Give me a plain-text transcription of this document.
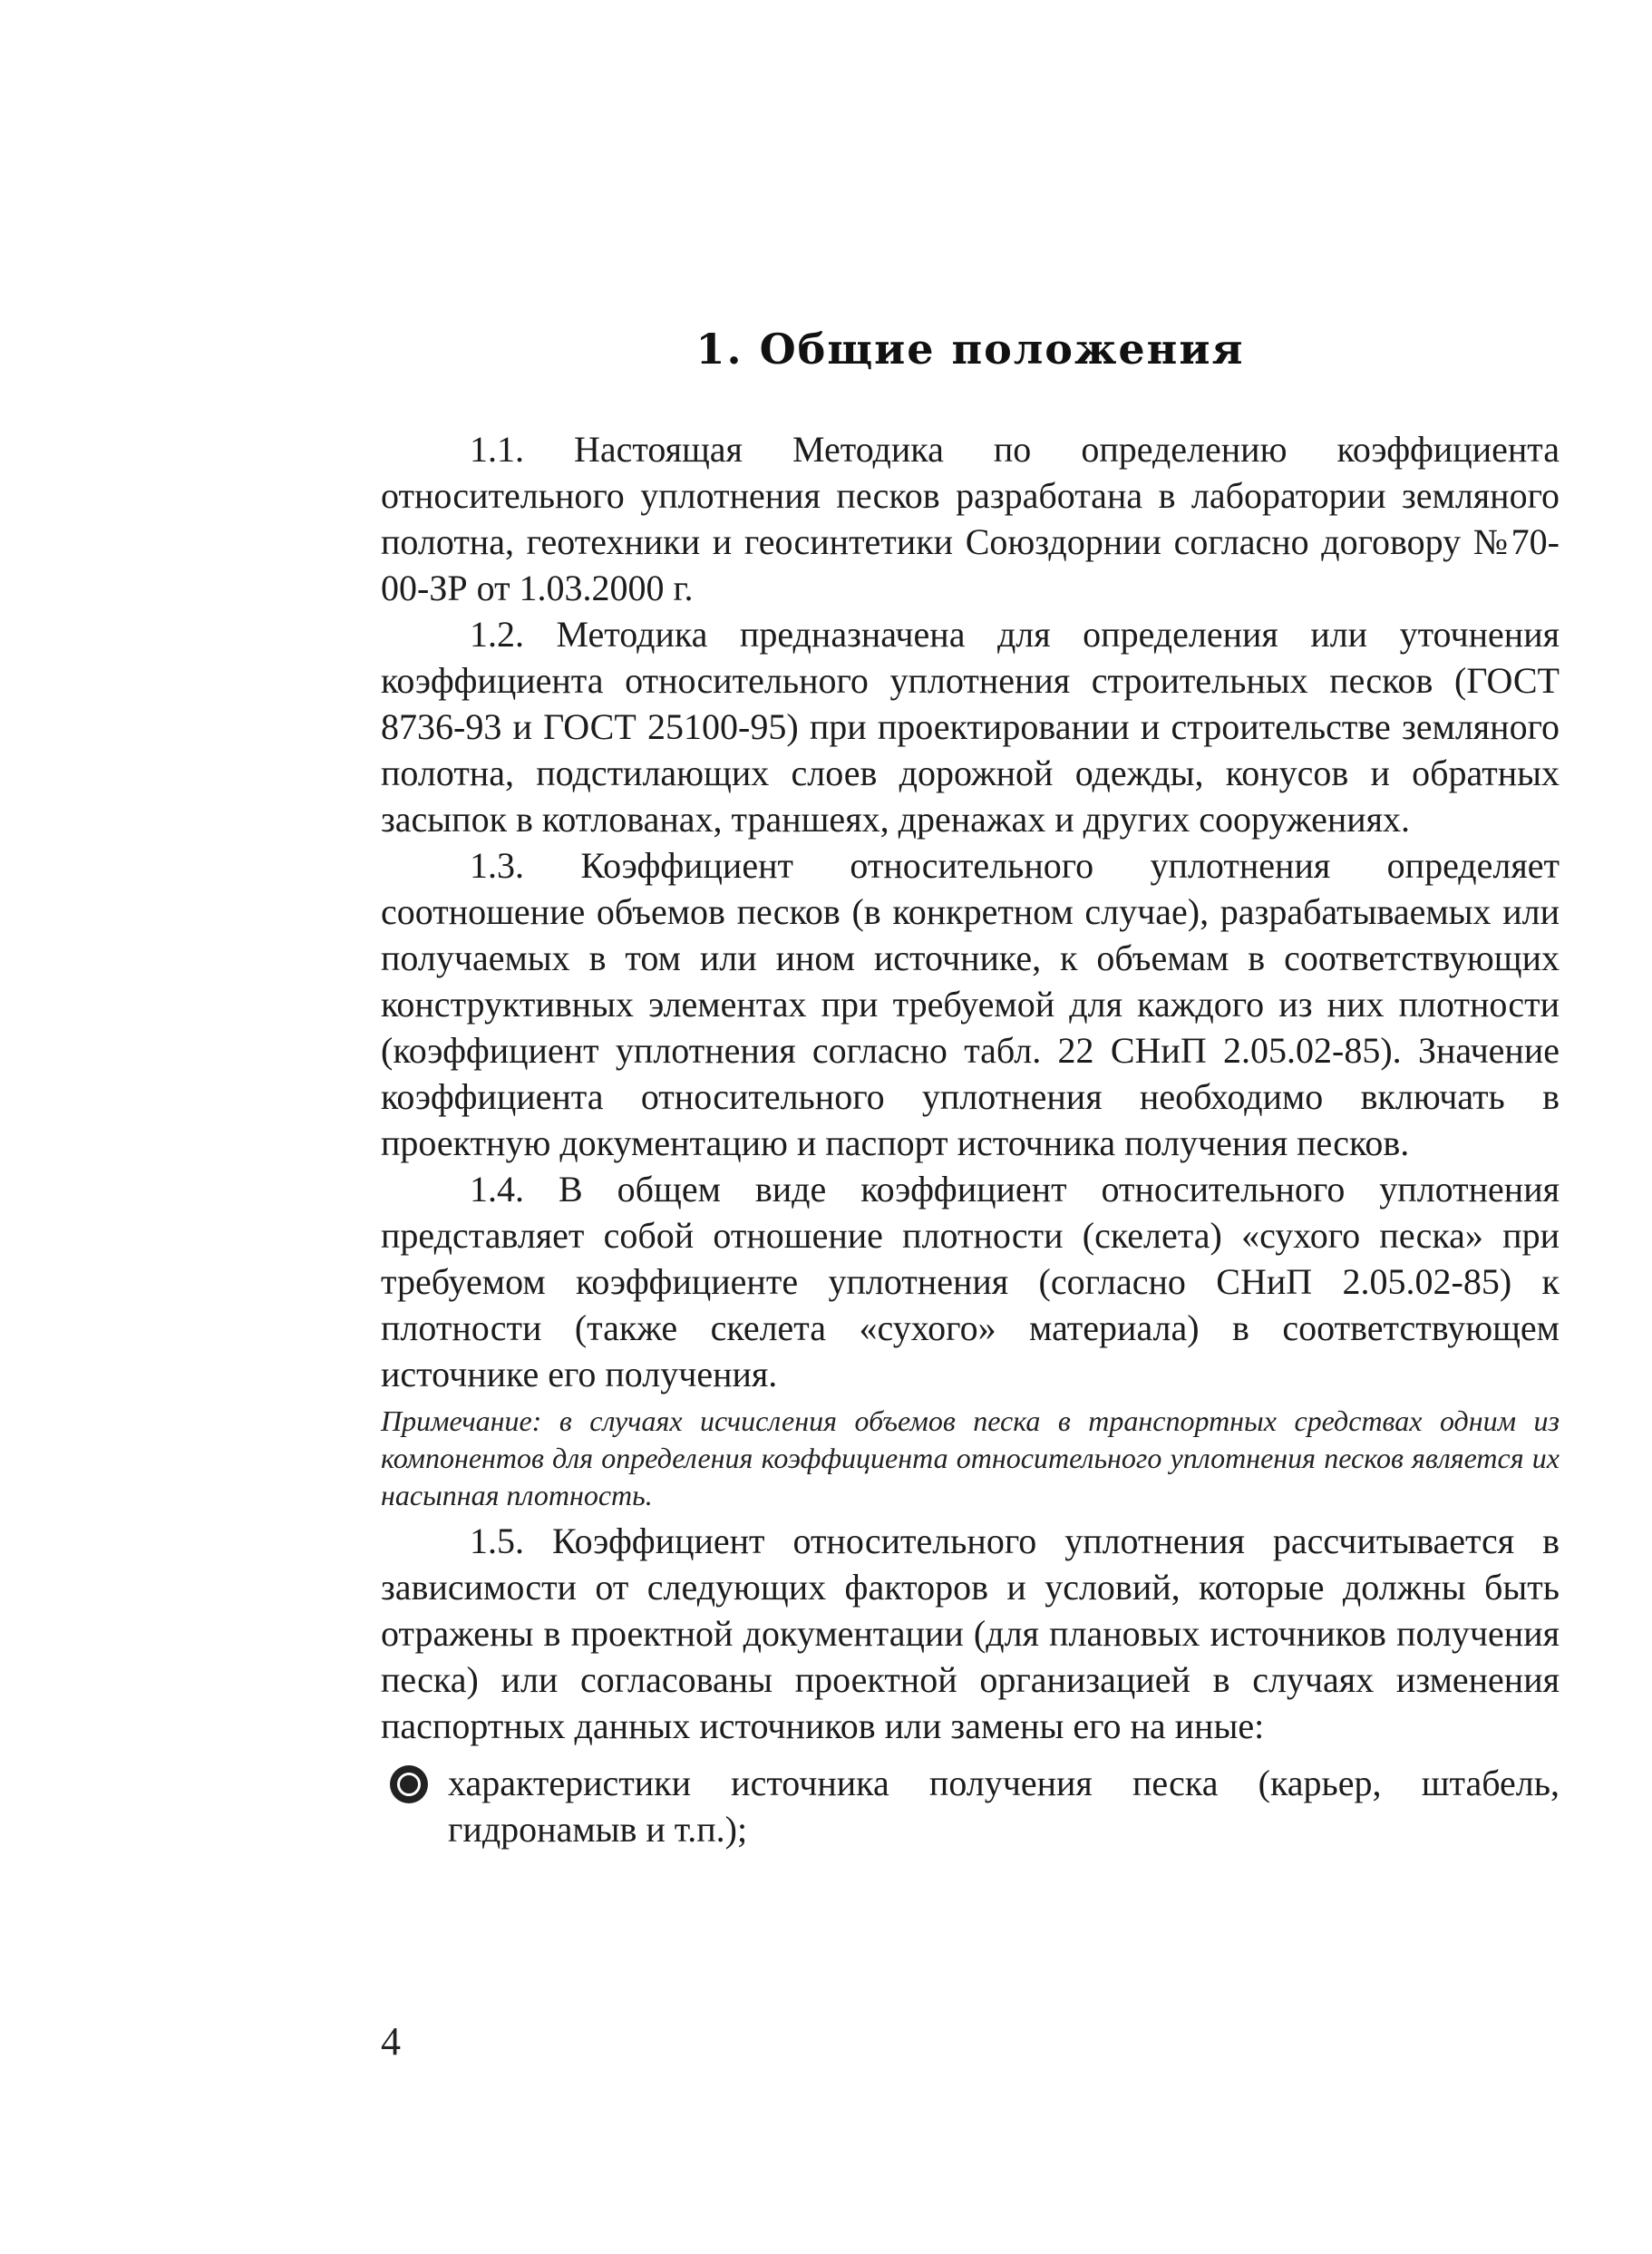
1. Общие положения

1.1. Настоящая Методика по определению коэффициента относительного уплотнения песков разработана в лаборатории земляного полотна, геотехники и геосинтетики Союздорнии согласно договору №70-00-ЗР от 1.03.2000 г.

1.2. Методика предназначена для определения или уточнения коэффициента относительного уплотнения строительных песков (ГОСТ 8736-93 и ГОСТ 25100-95) при проектировании и строительстве земляного полотна, подстилающих слоев дорожной одежды, конусов и обратных засыпок в котлованах, траншеях, дренажах и других сооружениях.

1.3. Коэффициент относительного уплотнения определяет соотношение объемов песков (в конкретном случае), разрабатываемых или получаемых в том или ином источнике, к объемам в соответствующих конструктивных элементах при требуемой для каждого из них плотности (коэффициент уплотнения согласно табл. 22 СНиП 2.05.02-85). Значение коэффициента относительного уплотнения необходимо включать в проектную документацию и паспорт источника получения песков.

1.4. В общем виде коэффициент относительного уплотнения представляет собой отношение плотности (скелета) «сухого песка» при требуемом коэффициенте уплотнения (согласно СНиП 2.05.02-85) к плотности (также скелета «сухого» материала) в соответствующем источнике его получения.

Примечание: в случаях исчисления объемов песка в транспортных средствах одним из компонентов для определения коэффициента относительного уплотнения песков является их насыпная плотность.

1.5. Коэффициент относительного уплотнения рассчитывается в зависимости от следующих факторов и условий, которые должны быть отражены в проектной документации (для плановых источников получения песка) или согласованы проектной организацией в случаях изменения паспортных данных источников или замены его на иные:

характеристики источника получения песка (карьер, штабель, гидронамыв и т.п.);

4
